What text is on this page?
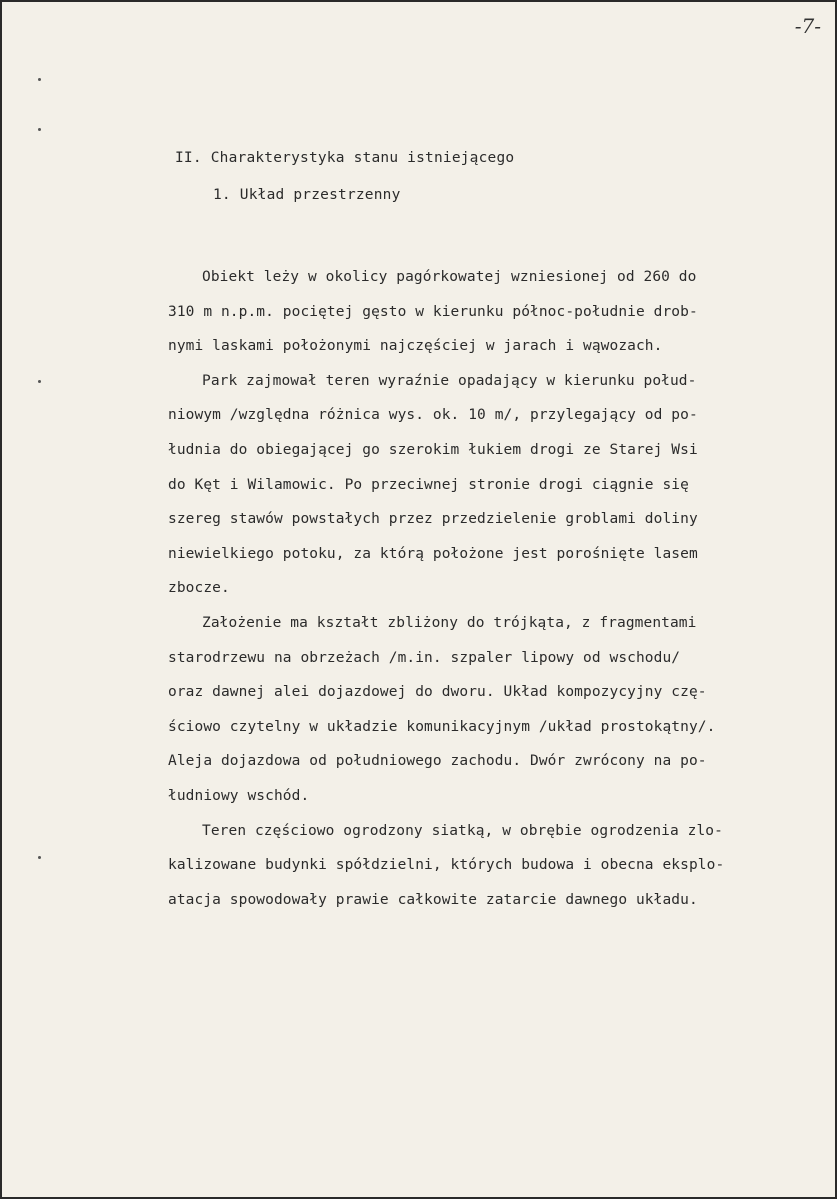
-7-
II. Charakterystyka stanu istniejącego
1. Układ przestrzenny
Obiekt leży w okolicy pagórkowatej wzniesionej od 260 do
310 m n.p.m. pociętej gęsto w kierunku północ-południe drob-
nymi laskami położonymi najczęściej w jarach i wąwozach.
Park zajmował teren wyraźnie opadający w kierunku połud-
niowym /względna różnica wys. ok. 10 m/, przylegający od po-
łudnia do obiegającej go szerokim łukiem drogi ze Starej Wsi
do Kęt i Wilamowic. Po przeciwnej stronie drogi ciągnie się
szereg stawów powstałych przez przedzielenie groblami doliny
niewielkiego potoku, za którą położone jest porośnięte lasem
zbocze.
Założenie ma kształt zbliżony do trójkąta, z fragmentami
starodrzewu na obrzeżach /m.in. szpaler lipowy od wschodu/
oraz dawnej alei dojazdowej do dworu. Układ kompozycyjny czę-
ściowo czytelny w układzie komunikacyjnym /układ prostokątny/.
Aleja dojazdowa od południowego zachodu. Dwór zwrócony na po-
łudniowy wschód.
Teren częściowo ogrodzony siatką, w obrębie ogrodzenia zlo-
kalizowane budynki spółdzielni, których budowa i obecna eksplo-
atacja spowodowały prawie całkowite zatarcie dawnego układu.
